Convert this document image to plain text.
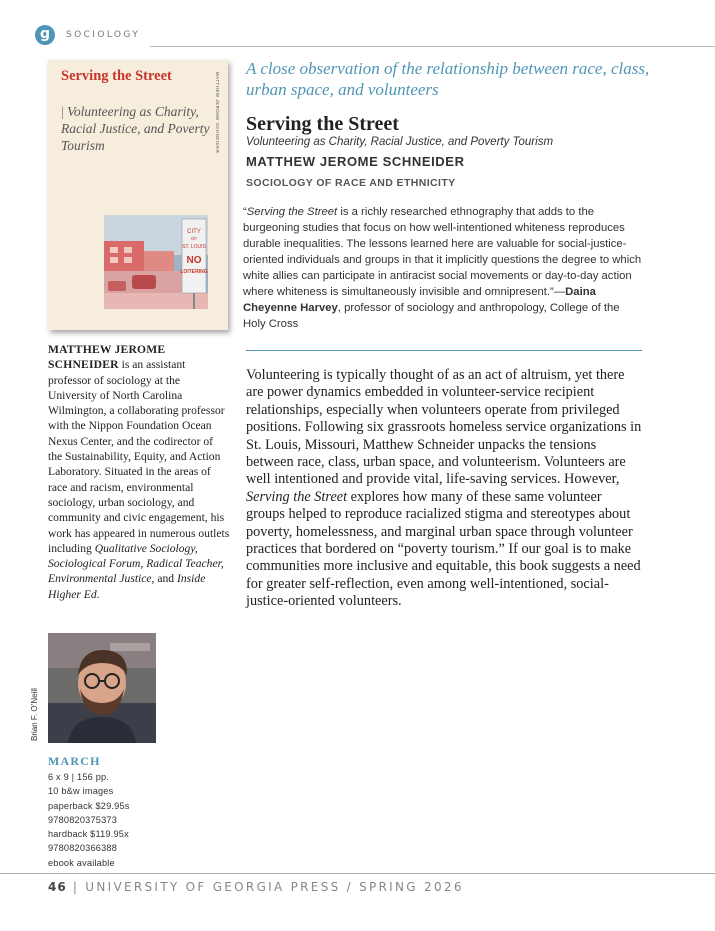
g	SOCIOLOGY
Serving the Street
| Volunteering as Charity, Racial Justice, and Poverty Tourism	MATTHEW JEROME SCHNEIDER
CITY
OF
ST. LOUIS
NO
LOITERING
A close observation of the relationship between race, class, urban space, and volunteers
Serving the Street
Volunteering as Charity, Racial Justice, and Poverty Tourism
MATTHEW JEROME SCHNEIDER
SOCIOLOGY OF RACE AND ETHNICITY
“Serving the Street is a richly researched ethnography that adds to the burgeoning studies that focus on how well-intentioned whiteness reproduces durable inequalities. The lessons learned here are valuable for social-justice-oriented individuals and groups in that it implicitly questions the degree to which white allies can participate in antiracist social movements or day-to-day action where whiteness is simultaneously invisible and omnipresent.”—Daina Cheyenne Harvey, professor of sociology and anthropology, College of the Holy Cross
Volunteering is typically thought of as an act of altruism, yet there are power dynamics embedded in volunteer-service recipient relationships, especially when volunteers operate from privileged positions. Following six grassroots homeless service organizations in St. Louis, Missouri, Matthew Schneider unpacks the tensions between race, class, urban space, and volunteerism. Volunteers are well intentioned and provide vital, life-saving services. However, Serving the Street explores how many of these same volunteer groups helped to reproduce racialized stigma and stereotypes about poverty, homelessness, and marginal urban space through volunteer practices that bordered on “poverty tourism.” If our goal is to make communities more inclusive and equitable, this book suggests a need for greater self-reflection, even among well-intentioned, social-justice-oriented volunteers.
MATTHEW JEROME SCHNEIDER is an assistant professor of sociology at the University of North Carolina Wilmington, a collaborating professor with the Nippon Foundation Ocean Nexus Center, and the codirector of the Sustainability, Equity, and Action Laboratory. Situated in the areas of race and racism, environmental sociology, urban sociology, and community and civic engagement, his work has appeared in numerous outlets including Qualitative Sociology, Sociological Forum, Radical Teacher, Environmental Justice, and Inside Higher Ed.
Brian F. O’Neill
MARCH
6 x 9 | 156 pp.
10 b&w images
paperback $29.95s
9780820375373
hardback $119.95x
9780820366388
ebook available
46 | UNIVERSITY OF GEORGIA PRESS / SPRING 2026
